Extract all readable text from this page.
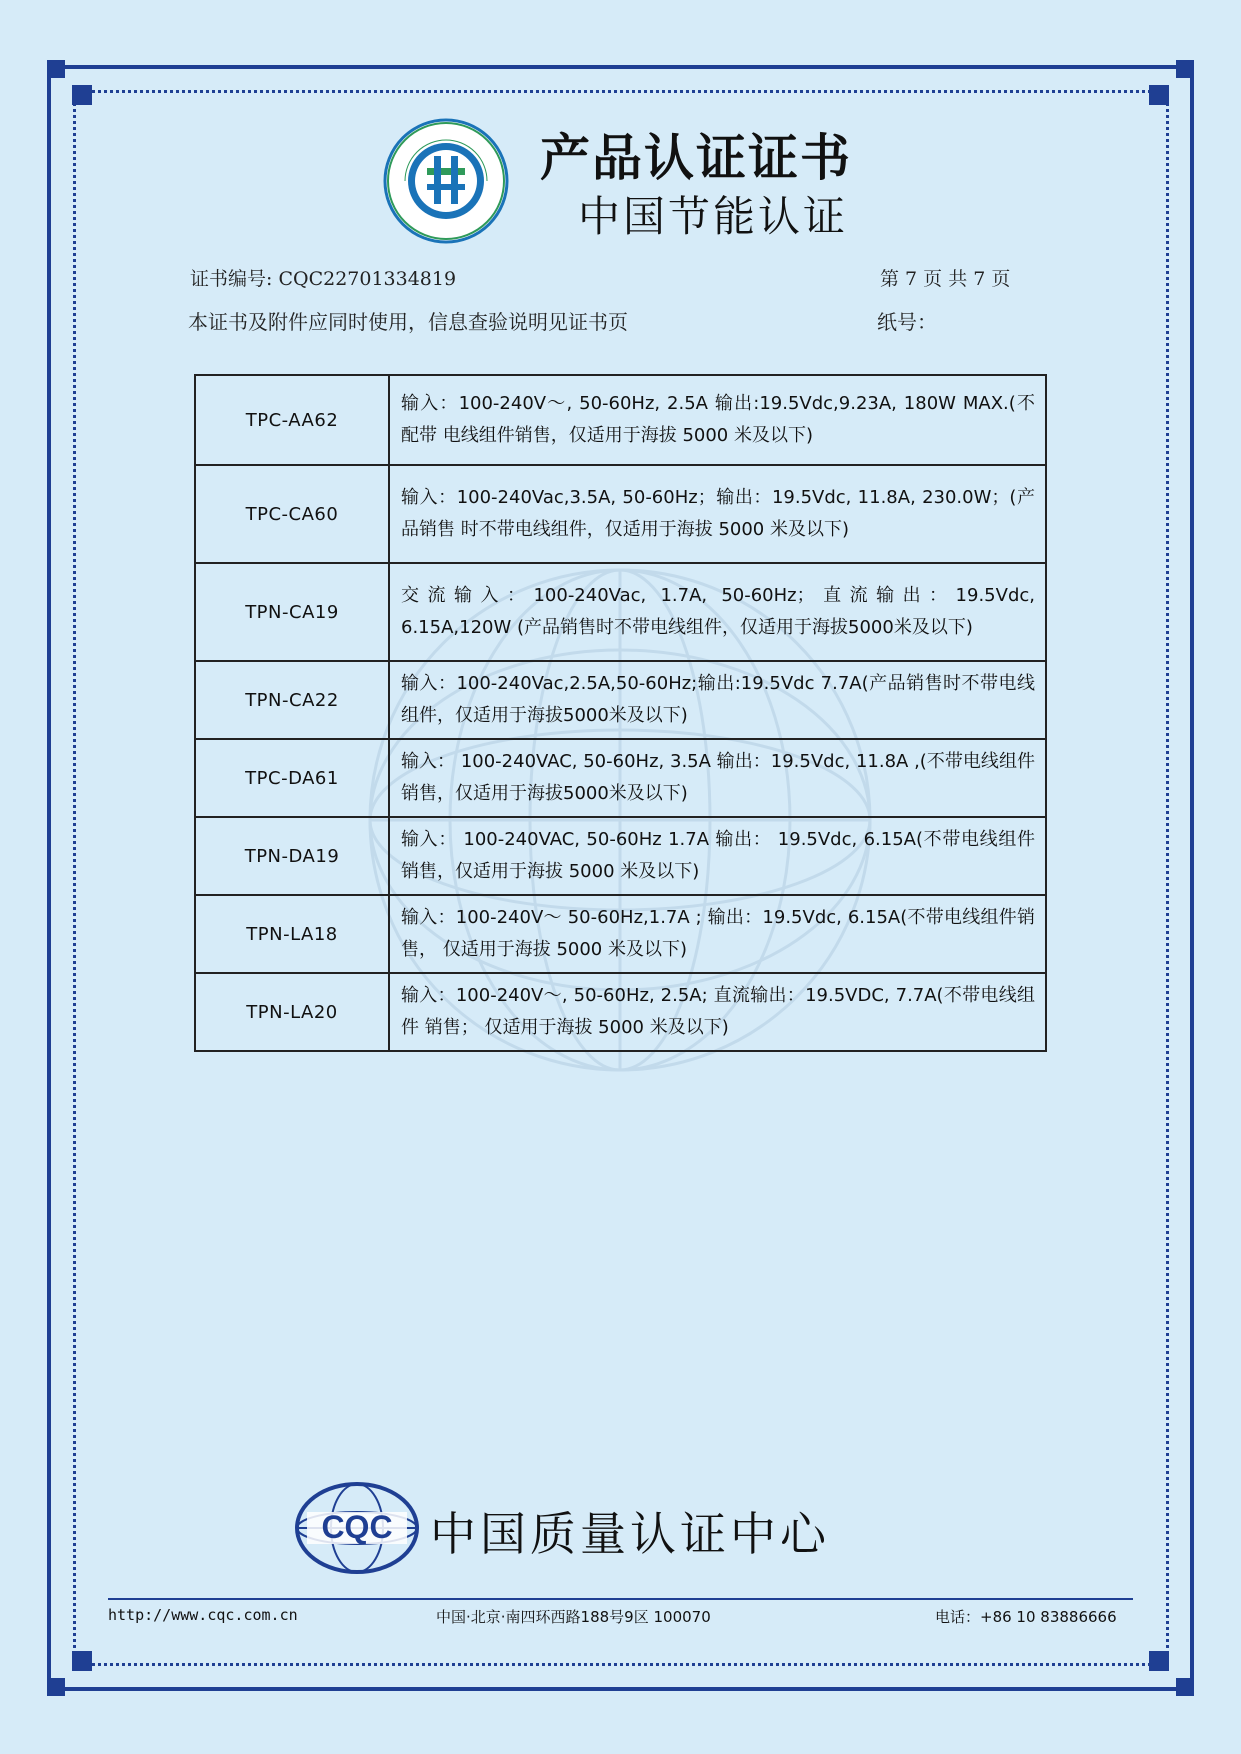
产品认证证书
中国节能认证
证书编号: CQC22701334819	第 7 页 共 7 页
本证书及附件应同时使用，信息查验说明见证书页	纸号：
TPC-AA62	输入：100-240V～, 50-60Hz, 2.5A 输出:19.5Vdc,9.23A, 180W MAX.(不配带 电线组件销售，仅适用于海拔 5000 米及以下)
TPC-CA60	输入：100-240Vac,3.5A, 50-60Hz；输出：19.5Vdc, 11.8A, 230.0W；(产品销售 时不带电线组件，仅适用于海拔 5000 米及以下)
TPN-CA19	交流输入：100-240Vac, 1.7A, 50-60Hz；直流输出：19.5Vdc, 6.15A,120W (产品销售时不带电线组件，仅适用于海拔5000米及以下)
TPN-CA22	输入：100-240Vac,2.5A,50-60Hz;输出:19.5Vdc 7.7A(产品销售时不带电线 组件，仅适用于海拔5000米及以下)
TPC-DA61	输入： 100-240VAC, 50-60Hz, 3.5A 输出：19.5Vdc, 11.8A ,(不带电线组件销售，仅适用于海拔5000米及以下)
TPN-DA19	输入： 100-240VAC, 50-60Hz 1.7A 输出： 19.5Vdc, 6.15A(不带电线组件销售，仅适用于海拔 5000 米及以下)
TPN-LA18	输入：100-240V～ 50-60Hz,1.7A ; 输出：19.5Vdc, 6.15A(不带电线组件销售， 仅适用于海拔 5000 米及以下)
TPN-LA20	输入：100-240V～, 50-60Hz, 2.5A; 直流输出：19.5VDC, 7.7A(不带电线组件 销售； 仅适用于海拔 5000 米及以下)
CQC 中国质量认证中心
http://www.cqc.com.cn	中国·北京·南四环西路188号9区 100070	电话：+86 10 83886666
